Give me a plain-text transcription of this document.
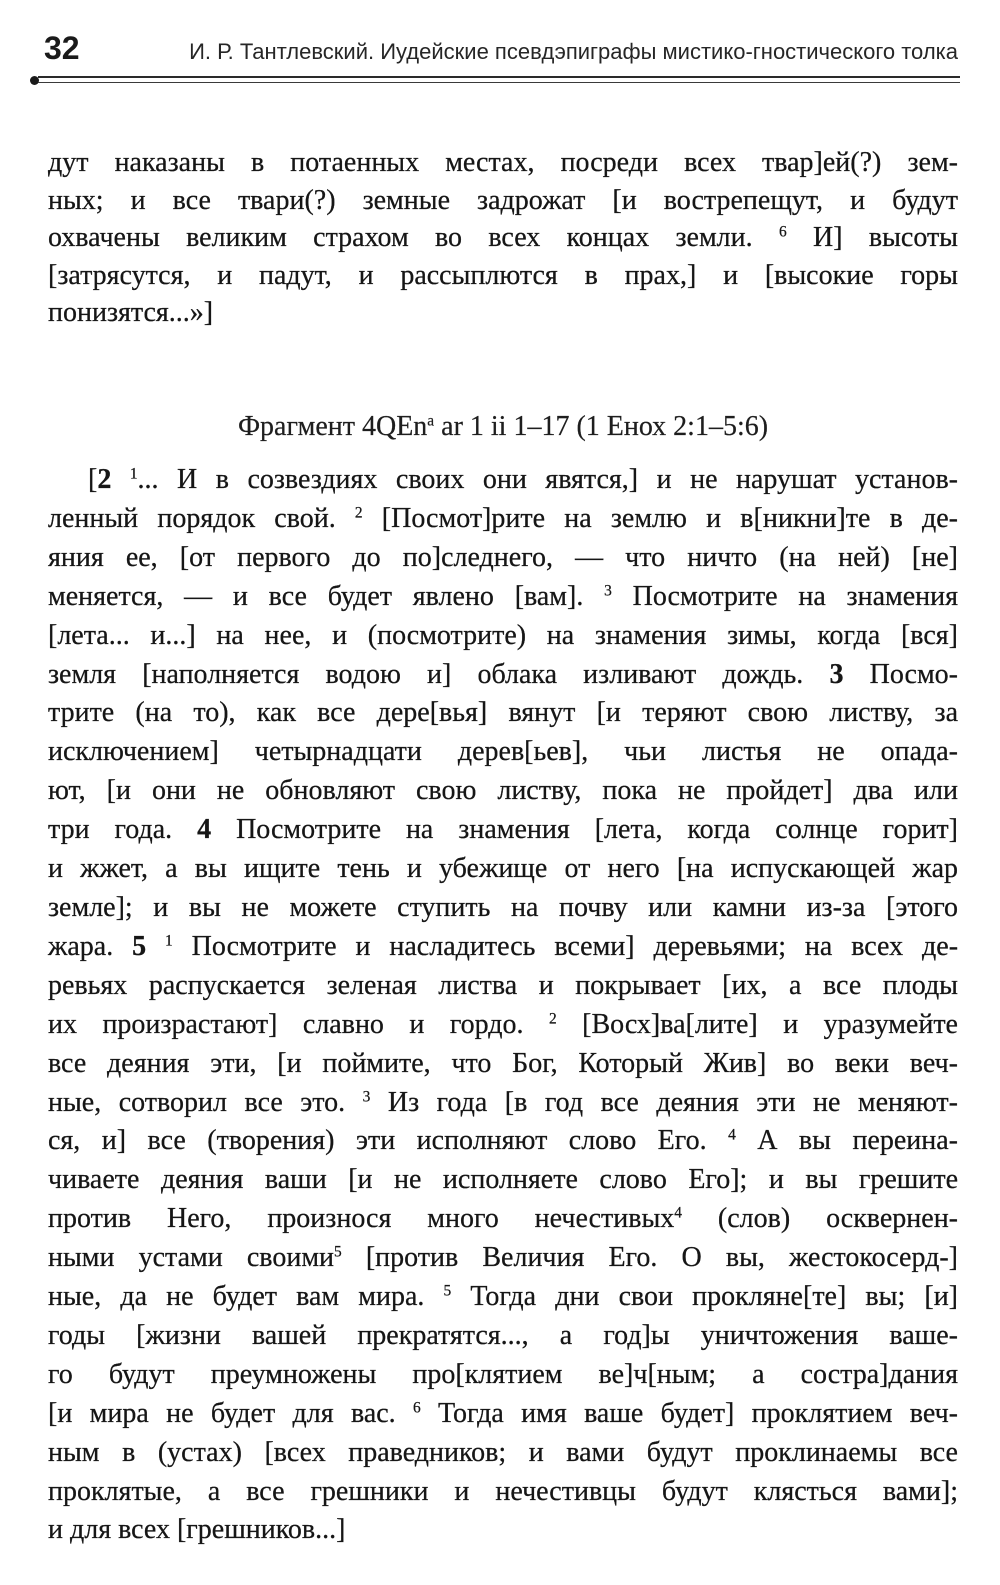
32	И. Р. Тантлевский. Иудейские псевдэпиграфы мистико-гностического толка
дут наказаны в потаенных местах, посреди всех твар]ей(?) зем-
ных; и все твари(?) земные задрожат [и вострепещут, и будут
охвачены великим страхом во всех концах земли. $^6$ И] высоты
[затрясутся, и падут, и рассыплются в прах,] и [высокие горы
понизятся...»]
Фрагмент 4QEn$^a$ ar 1 ii 1–17 (1 Енох 2:1–5:6)
[2 $^1$... И в созвездиях своих они явятся,] и не нарушат установ-
ленный порядок свой. $^2$ [Посмот]рите на землю и в[никни]те в де-
яния ее, [от первого до по]следнего, — что ничто (на ней) [не]
меняется, — и все будет явлено [вам]. $^3$ Посмотрите на знамения
[лета... и...] на нее, и (посмотрите) на знамения зимы, когда [вся]
земля [наполняется водою и] облака изливают дождь. 3 Посмо-
трите (на то), как все дере[вья] вянут [и теряют свою листву, за
исключением] четырнадцати дерев[ьев], чьи листья не опада-
ют, [и они не обновляют свою листву, пока не пройдет] два или
три года. 4 Посмотрите на знамения [лета, когда солнце горит]
и жжет, а вы ищите тень и убежище от него [на испускающей жар
земле]; и вы не можете ступить на почву или камни из-за [этого
жара. 5 $^1$ Посмотрите и насладитесь всеми] деревьями; на всех де-
ревьях распускается зеленая листва и покрывает [их, а все плоды
их произрастают] славно и гордо. $^2$ [Восх]ва[лите] и уразумейте
все деяния эти, [и поймите, что Бог, Который Жив] во веки веч-
ные, сотворил все это. $^3$ Из года [в год все деяния эти не меняют-
ся, и] все (творения) эти исполняют слово Его. $^4$ А вы переина-
чиваете деяния ваши [и не исполняете слово Его]; и вы грешите
против Него, произнося много нечестивых$^4$ (слов) осквернен-
ными устами своими$^5$ [против Величия Его. О вы, жестокосерд-]
ные, да не будет вам мира. $^5$ Тогда дни свои прокляне[те] вы; [и]
годы [жизни вашей прекратятся..., а год]ы уничтожения ваше-
го будут преумножены про[клятием ве]ч[ным; а состра]дания
[и мира не будет для вас. $^6$ Тогда имя ваше будет] проклятием веч-
ным в (устах) [всех праведников; и вами будут проклинаемы все
проклятые, а все грешники и нечестивцы будут клясться вами];
и для всех [грешников...]
